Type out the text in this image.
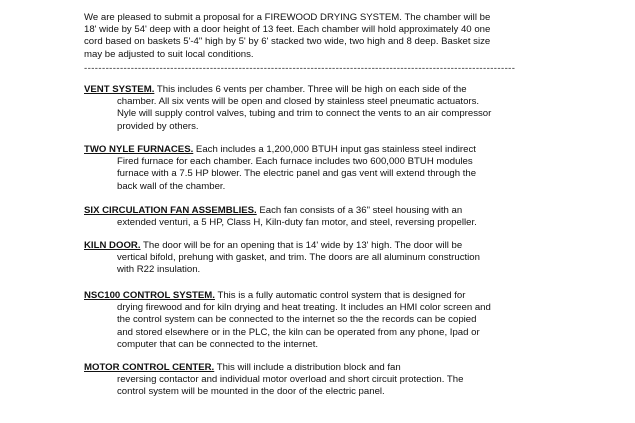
We are pleased to submit a proposal for a FIREWOOD DRYING SYSTEM. The chamber will be
18' wide by 54' deep with a door height of 13 feet. Each chamber will hold approximately 40 one
cord based on baskets 5'-4" high by 5' by 6' stacked two wide, two high and 8 deep. Basket size
may be adjusted to suit local conditions.
------------------------------------------------------------------------------------------------------------------------
VENT SYSTEM. This includes 6 vents per chamber. Three will be high on each side of the
chamber. All six vents will be open and closed by stainless steel pneumatic actuators.
Nyle will supply control valves, tubing and trim to connect the vents to an air compressor
provided by others.
TWO NYLE FURNACES. Each includes a 1,200,000 BTUH input gas stainless steel indirect
Fired furnace for each chamber. Each furnace includes two 600,000 BTUH modules
furnace with a 7.5 HP blower. The electric panel and gas vent will extend through the
back wall of the chamber.
SIX CIRCULATION FAN ASSEMBLIES. Each fan consists of a 36" steel housing with an
extended venturi, a 5 HP, Class H, Kiln-duty fan motor, and steel, reversing propeller.
KILN DOOR. The door will be for an opening that is 14' wide by 13' high. The door will be
vertical bifold, prehung with gasket, and trim. The doors are all aluminum construction
with R22 insulation.
NSC100 CONTROL SYSTEM. This is a fully automatic control system that is designed for
drying firewood and for kiln drying and heat treating. It includes an HMI color screen and
the control system can be connected to the internet so the the records can be copied
and stored elsewhere or in the PLC, the kiln can be operated from any phone, Ipad or
computer that can be connected to the internet.
MOTOR CONTROL CENTER. This will include a distribution block and fan
reversing contactor and individual motor overload and short circuit protection. The
control system will be mounted in the door of the electric panel.
